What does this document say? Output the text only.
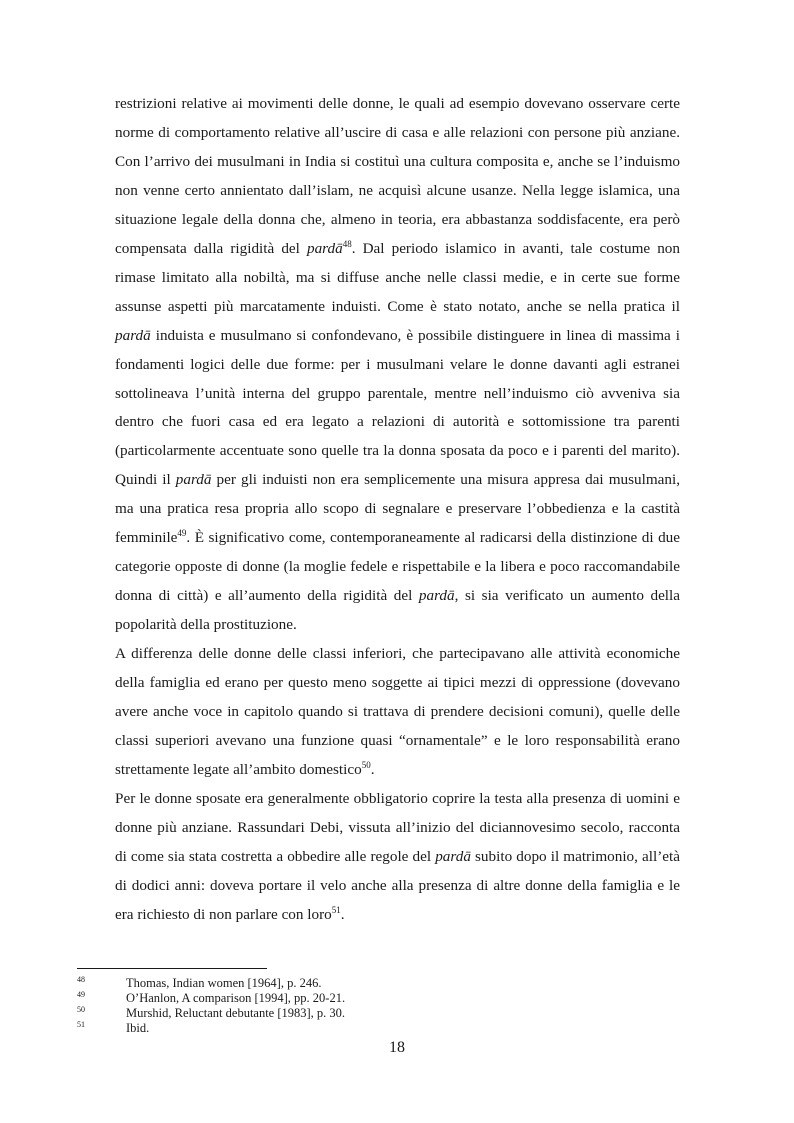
restrizioni relative ai movimenti delle donne, le quali ad esempio dovevano osservare certe norme di comportamento relative all’uscire di casa e alle relazioni con persone più anziane. Con l’arrivo dei musulmani in India si costituì una cultura composita e, anche se l’induismo non venne certo annientato dall’islam, ne acquisì alcune usanze. Nella legge islamica, una situazione legale della donna che, almeno in teoria, era abbastanza soddisfacente, era però compensata dalla rigidità del pardā$^{48}$. Dal periodo islamico in avanti, tale costume non rimase limitato alla nobiltà, ma si diffuse anche nelle classi medie, e in certe sue forme assunse aspetti più marcatamente induisti. Come è stato notato, anche se nella pratica il pardā induista e musulmano si confondevano, è possibile distinguere in linea di massima i fondamenti logici delle due forme: per i musulmani velare le donne davanti agli estranei sottolineava l’unità interna del gruppo parentale, mentre nell’induismo ciò avveniva sia dentro che fuori casa ed era legato a relazioni di autorità e sottomissione tra parenti (particolarmente accentuate sono quelle tra la donna sposata da poco e i parenti del marito). Quindi il pardā per gli induisti non era semplicemente una misura appresa dai musulmani, ma una pratica resa propria allo scopo di segnalare e preservare l’obbedienza e la castità femminile$^{49}$. È significativo come, contemporaneamente al radicarsi della distinzione di due categorie opposte di donne (la moglie fedele e rispettabile e la libera e poco raccomandabile donna di città) e all’aumento della rigidità del pardā, si sia verificato un aumento della popolarità della prostituzione.

A differenza delle donne delle classi inferiori, che partecipavano alle attività economiche della famiglia ed erano per questo meno soggette ai tipici mezzi di oppressione (dovevano avere anche voce in capitolo quando si trattava di prendere decisioni comuni), quelle delle classi superiori avevano una funzione quasi “ornamentale” e le loro responsabilità erano strettamente legate all’ambito domestico$^{50}$.

Per le donne sposate era generalmente obbligatorio coprire la testa alla presenza di uomini e donne più anziane. Rassundari Debi, vissuta all’inizio del diciannovesimo secolo, racconta di come sia stata costretta a obbedire alle regole del pardā subito dopo il matrimonio, all’età di dodici anni: doveva portare il velo anche alla presenza di altre donne della famiglia e le era richiesto di non parlare con loro$^{51}$.

48	Thomas, Indian women [1964], p. 246.
49	O’Hanlon, A comparison [1994], pp. 20-21.
50	Murshid, Reluctant debutante [1983], p. 30.
51	Ibid.
18
